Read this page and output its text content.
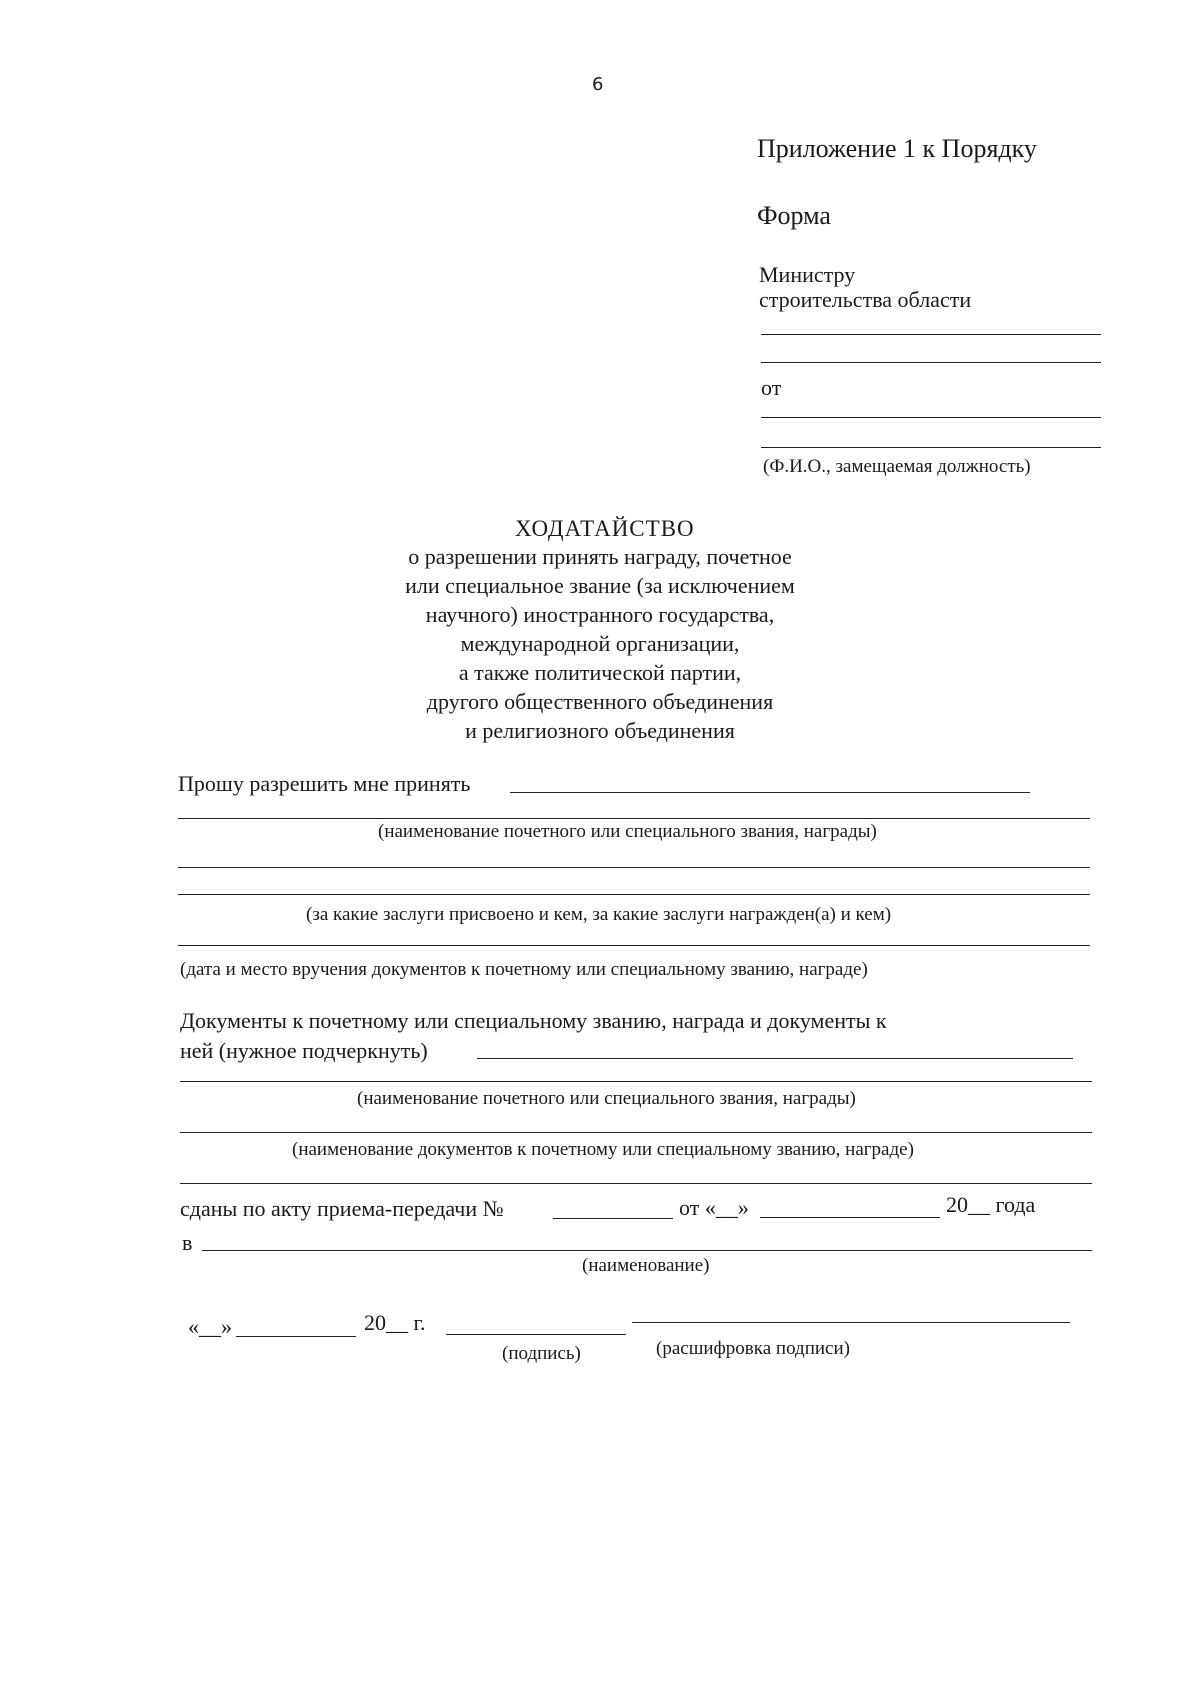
6
Приложение 1 к Порядку
Форма
Министру
строительства области
от
(Ф.И.О., замещаемая должность)
ХОДАТАЙСТВО
о разрешении принять награду, почетное
или специальное звание (за исключением
научного) иностранного государства,
международной организации,
а также политической партии,
другого общественного объединения
и религиозного объединения
Прошу разрешить мне принять
(наименование почетного или специального звания, награды)
(за какие заслуги присвоено и кем, за какие заслуги награжден(а) и кем)
(дата и место вручения документов к почетному или специальному званию, награде)
Документы к почетному или специальному званию, награда и документы к
ней (нужное подчеркнуть)
(наименование почетного или специального звания, награды)
(наименование документов к почетному или специальному званию, награде)
сданы по акту приема-передачи №	от «__»	20__ года
в
(наименование)
«__»	20__ г.
(подпись)	(расшифровка подписи)
